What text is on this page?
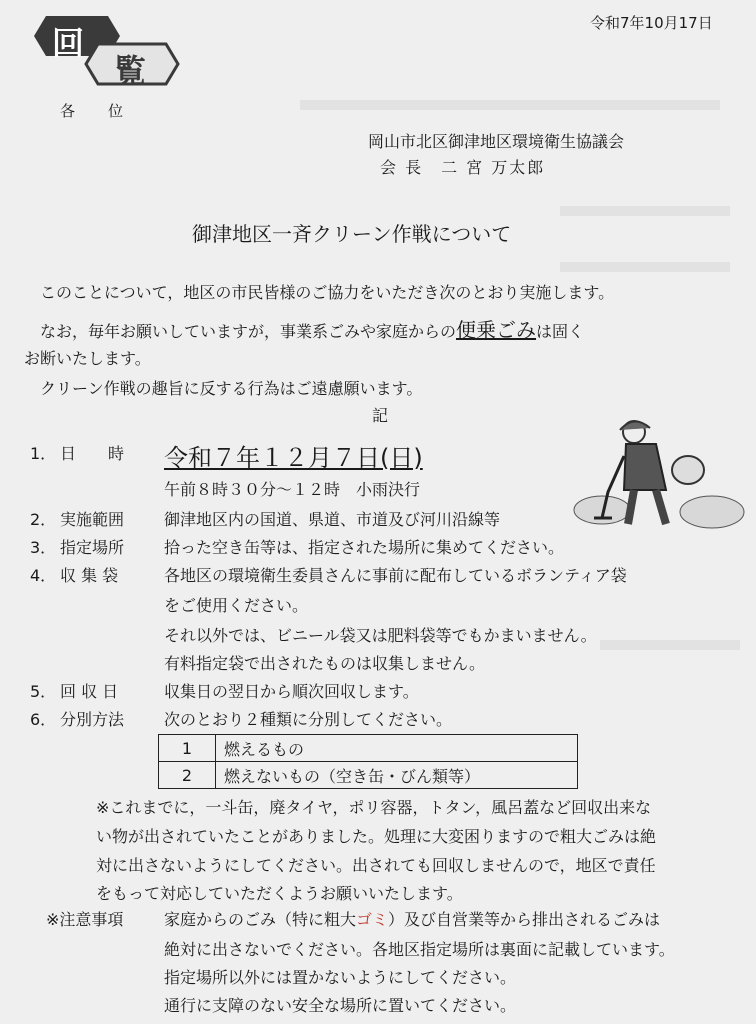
回
覧
令和7年10月17日
各　　位
岡山市北区御津地区環境衛生協議会
会 長　二 宮 万太郎
御津地区一斉クリーン作戦について
このことについて，地区の市民皆様のご協力をいただき次のとおり実施します。
なお，毎年お願いしていますが，事業系ごみや家庭からの便乗ごみは固く
お断いたします。
クリーン作戦の趣旨に反する行為はご遠慮願います。
記
1． 日　　時 令和７年１２月７日(日)
午前８時３０分～１２時　小雨決行
2． 実施範囲 御津地区内の国道、県道、市道及び河川沿線等
3． 指定場所 拾った空き缶等は、指定された場所に集めてください。
4． 収 集 袋	各地区の環境衛生委員さんに事前に配布しているボランティア袋
をご使用ください。
それ以外では、ビニール袋又は肥料袋等でもかまいません。
有料指定袋で出されたものは収集しません。
5． 回 収 日	収集日の翌日から順次回収します。
6． 分別方法 次のとおり２種類に分別してください。
1	燃えるもの
2	燃えないもの（空き缶・びん類等）
※これまでに，一斗缶，廃タイヤ，ポリ容器，トタン，風呂蓋など回収出来な
い物が出されていたことがありました。処理に大変困りますので粗大ごみは絶
対に出さないようにしてください。出されても回収しませんので，地区で責任
をもって対応していただくようお願いいたします。
※注意事項	家庭からのごみ（特に粗大ゴミ）及び自営業等から排出されるごみは
絶対に出さないでください。各地区指定場所は裏面に記載しています。
指定場所以外には置かないようにしてください。
通行に支障のない安全な場所に置いてください。
